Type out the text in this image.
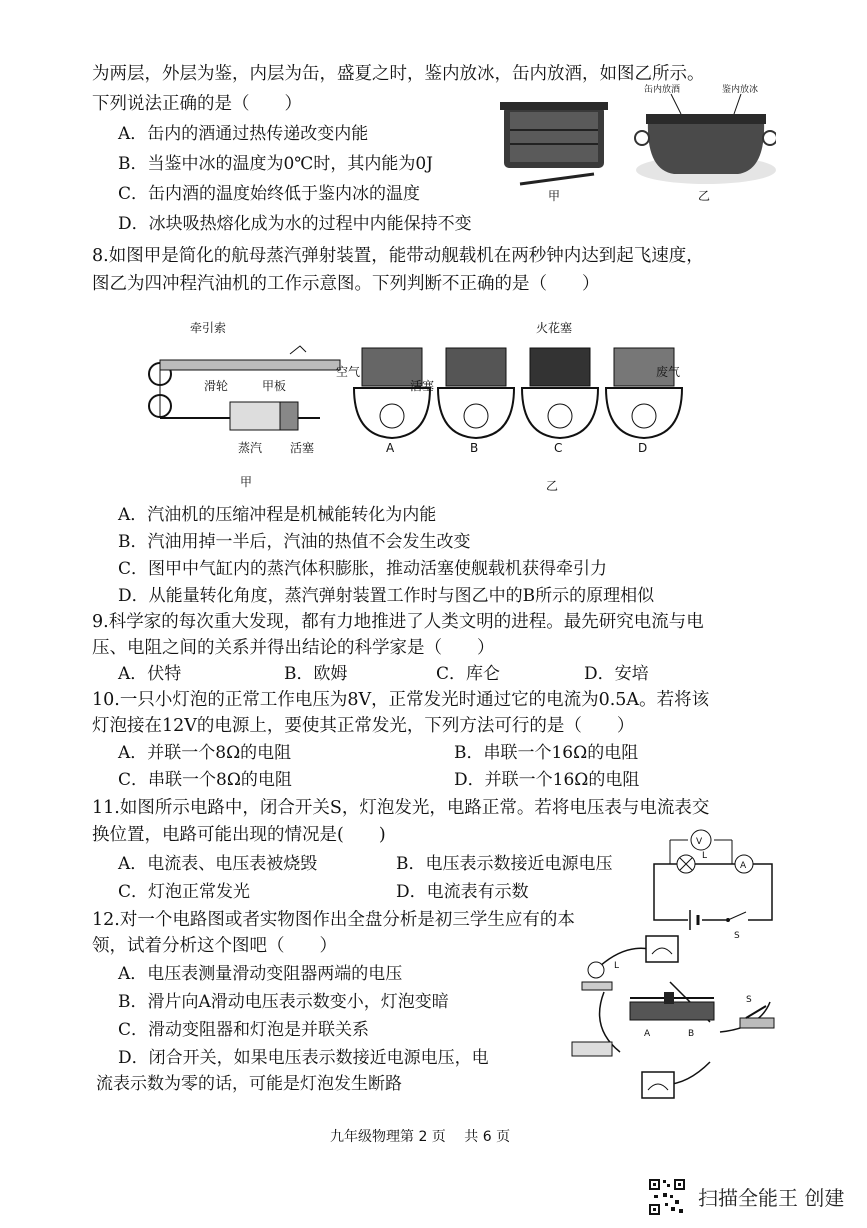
为两层，外层为鉴，内层为缶，盛夏之时，鉴内放冰，缶内放酒，如图乙所示。
下列说法正确的是（　　）
A．缶内的酒通过热传递改变内能
B．当鉴中冰的温度为0℃时，其内能为0J
C．缶内酒的温度始终低于鉴内冰的温度
D．冰块吸热熔化成为水的过程中内能保持不变
甲
缶内放酒	鉴内放冰
乙
8.如图甲是简化的航母蒸汽弹射装置，能带动舰载机在两秒钟内达到起飞速度，
图乙为四冲程汽油机的工作示意图。下列判断不正确的是（　　）
牵引索
滑轮	甲板
蒸汽 活塞
甲
火花塞
空气
活塞
废气
A	B	C	D
乙
A．汽油机的压缩冲程是机械能转化为内能
B．汽油用掉一半后，汽油的热值不会发生改变
C．图甲中气缸内的蒸汽体积膨胀，推动活塞使舰载机获得牵引力
D．从能量转化角度，蒸汽弹射装置工作时与图乙中的B所示的原理相似
9.科学家的每次重大发现，都有力地推进了人类文明的进程。最先研究电流与电
压、电阻之间的关系并得出结论的科学家是（　　）
A．伏特	B．欧姆	C．库仑	D．安培
10.一只小灯泡的正常工作电压为8V，正常发光时通过它的电流为0.5A。若将该
灯泡接在12V的电源上，要使其正常发光，下列方法可行的是（　　）
A．并联一个8Ω的电阻	B．串联一个16Ω的电阻
C．串联一个8Ω的电阻	D．并联一个16Ω的电阻
11.如图所示电路中，闭合开关S，灯泡发光，电路正常。若将电压表与电流表交
换位置，电路可能出现的情况是(　　)
A．电流表、电压表被烧毁	B．电压表示数接近电源电压
C．灯泡正常发光	D．电流表有示数
V
L
A
S
12.对一个电路图或者实物图作出全盘分析是初三学生应有的本
领，试着分析这个图吧（　　）
A．电压表测量滑动变阻器两端的电压
B．滑片向A滑动电压表示数变小，灯泡变暗
C．滑动变阻器和灯泡是并联关系
D．闭合开关，如果电压表示数接近电源电压，电
流表示数为零的话，可能是灯泡发生断路
L
A	B
S
九年级物理第 2 页　 共 6 页
扫描全能王 创建
